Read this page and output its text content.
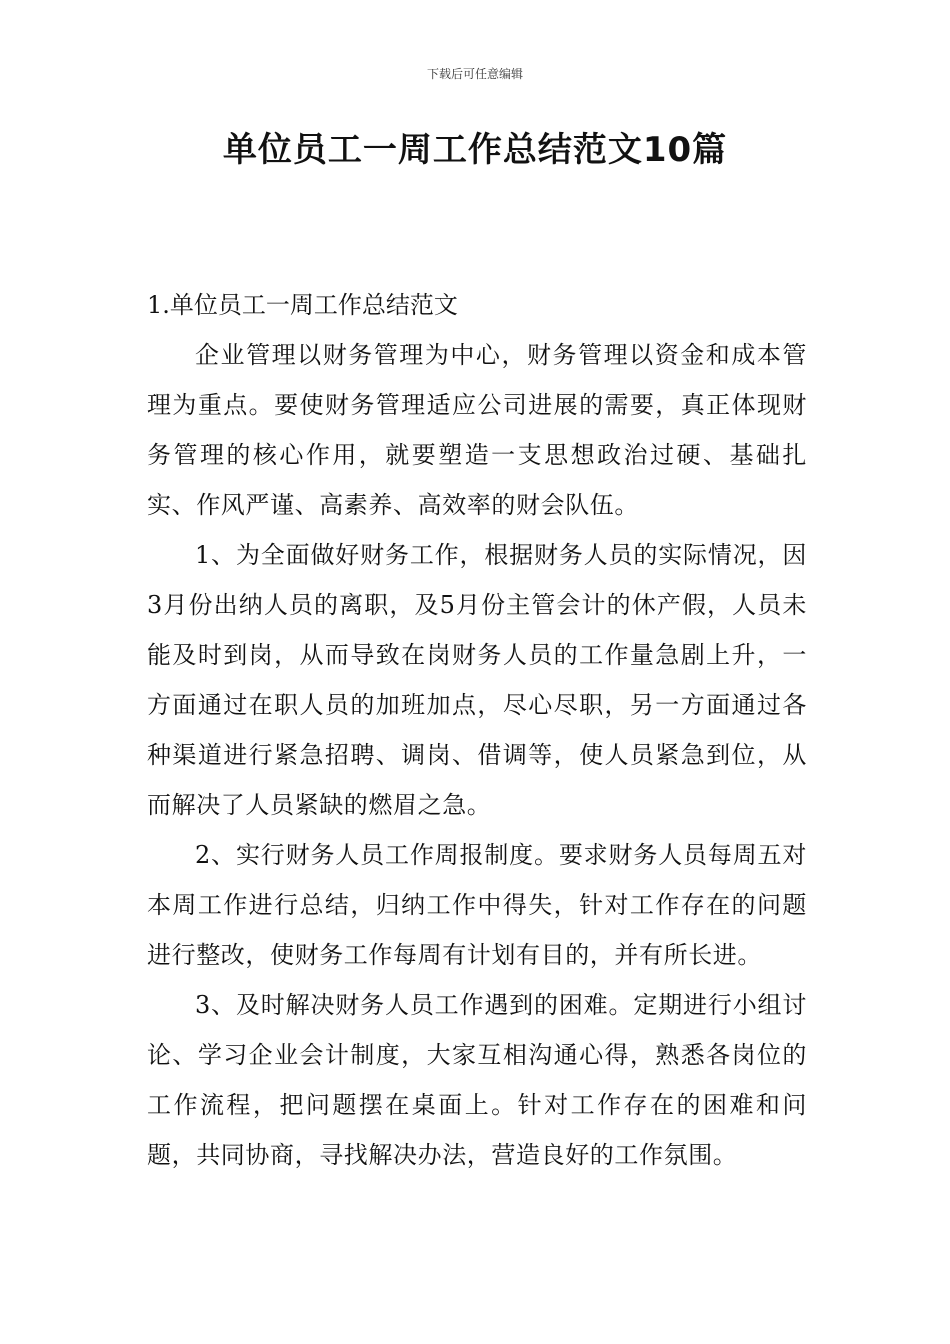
下载后可任意编辑
单位员工一周工作总结范文10篇

1.单位员工一周工作总结范文

企业管理以财务管理为中心，财务管理以资金和成本管理为重点。要使财务管理适应公司进展的需要，真正体现财务管理的核心作用，就要塑造一支思想政治过硬、基础扎实、作风严谨、高素养、高效率的财会队伍。

1、为全面做好财务工作，根据财务人员的实际情况，因3月份出纳人员的离职，及5月份主管会计的休产假，人员未能及时到岗，从而导致在岗财务人员的工作量急剧上升，一方面通过在职人员的加班加点，尽心尽职，另一方面通过各种渠道进行紧急招聘、调岗、借调等，使人员紧急到位，从而解决了人员紧缺的燃眉之急。

2、实行财务人员工作周报制度。要求财务人员每周五对本周工作进行总结，归纳工作中得失，针对工作存在的问题进行整改，使财务工作每周有计划有目的，并有所长进。

3、及时解决财务人员工作遇到的困难。定期进行小组讨论、学习企业会计制度，大家互相沟通心得，熟悉各岗位的工作流程，把问题摆在桌面上。针对工作存在的困难和问题，共同协商，寻找解决办法，营造良好的工作氛围。
